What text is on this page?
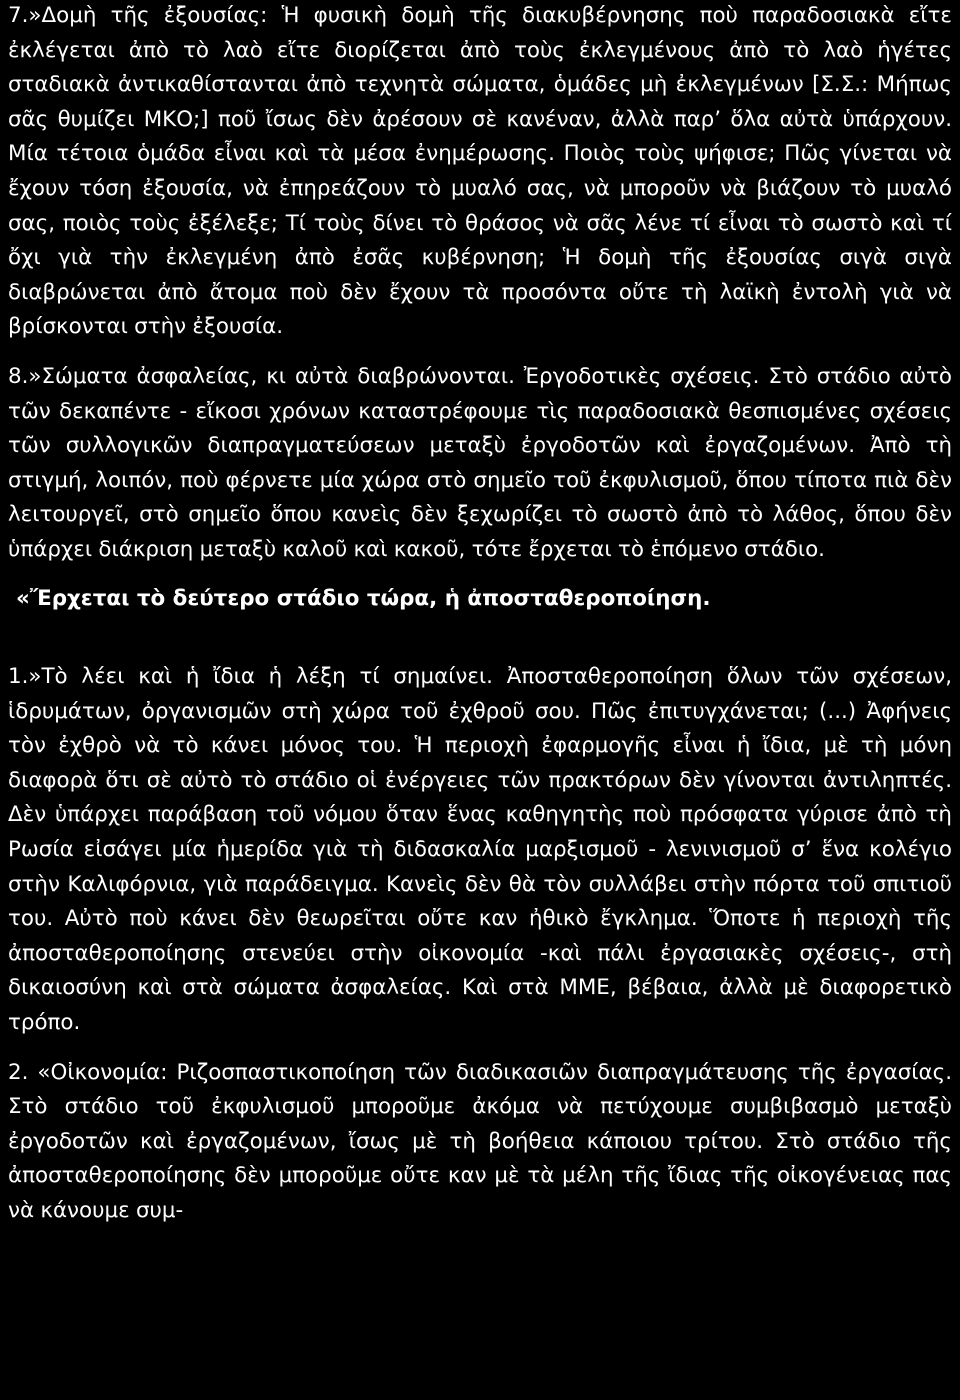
7.»Δομὴ τῆς ἐξουσίας: Ἡ φυσικὴ δομὴ τῆς διακυβέρνησης ποὺ παραδοσιακὰ εἴτε ἐκλέγεται ἀπὸ τὸ λαὸ εἴτε διορίζεται ἀπὸ τοὺς ἐκλεγμένους ἀπὸ τὸ λαὸ ἡγέτες σταδιακὰ ἀντικαθίστανται ἀπὸ τεχνητὰ σώματα, ὁμάδες μὴ ἐκλεγμένων [Σ.Σ.: Μήπως σᾶς θυμίζει ΜΚΟ;] ποῦ ἴσως δὲν ἀρέσουν σὲ κανέναν, ἀλλὰ παρ’ ὅλα αὐτὰ ὑπάρχουν. Μία τέτοια ὁμάδα εἶναι καὶ τὰ μέσα ἐνημέρωσης. Ποιὸς τοὺς ψήφισε; Πῶς γίνεται νὰ ἔχουν τόση ἐξουσία, νὰ ἐπηρεάζουν τὸ μυαλό σας, νὰ μποροῦν νὰ βιάζουν τὸ μυαλό σας, ποιὸς τοὺς ἐξέλεξε; Τί τοὺς δίνει τὸ θράσος νὰ σᾶς λένε τί εἶναι τὸ σωστὸ καὶ τί ὄχι γιὰ τὴν ἐκλεγμένη ἀπὸ ἐσᾶς κυβέρνηση; Ἡ δομὴ τῆς ἐξουσίας σιγὰ σιγὰ διαβρώνεται ἀπὸ ἄτομα ποὺ δὲν ἔχουν τὰ προσόντα οὔτε τὴ λαϊκὴ ἐντολὴ γιὰ νὰ βρίσκονται στὴν ἐξουσία.

8.»Σώματα ἀσφαλείας, κι αὐτὰ διαβρώνονται. Ἐργοδοτικὲς σχέσεις. Στὸ στάδιο αὐτὸ τῶν δεκαπέντε - εἴκοσι χρόνων καταστρέφουμε τὶς παραδοσιακὰ θεσπισμένες σχέσεις τῶν συλλογικῶν διαπραγματεύσεων μεταξὺ ἐργοδοτῶν καὶ ἐργαζομένων. Ἀπὸ τὴ στιγμή, λοιπόν, ποὺ φέρνετε μία χώρα στὸ σημεῖο τοῦ ἐκφυλισμοῦ, ὅπου τίποτα πιὰ δὲν λειτουργεῖ, στὸ σημεῖο ὅπου κανεὶς δὲν ξεχωρίζει τὸ σωστὸ ἀπὸ τὸ λάθος, ὅπου δὲν ὑπάρχει διάκριση μεταξὺ καλοῦ καὶ κακοῦ, τότε ἔρχεται τὸ ἑπόμενο στάδιο.

«Ἔρχεται τὸ δεύτερο στάδιο τώρα, ἡ ἀποσταθεροποίηση.

1.»Τὸ λέει καὶ ἡ ἴδια ἡ λέξη τί σημαίνει. Ἀποσταθεροποίηση ὅλων τῶν σχέσεων, ἱδρυμάτων, ὀργανισμῶν στὴ χώρα τοῦ ἐχθροῦ σου. Πῶς ἐπιτυγχάνεται; (...) Ἀφήνεις τὸν ἐχθρὸ νὰ τὸ κάνει μόνος του. Ἡ περιοχὴ ἐφαρμογῆς εἶναι ἡ ἴδια, μὲ τὴ μόνη διαφορὰ ὅτι σὲ αὐτὸ τὸ στάδιο οἱ ἐνέργειες τῶν πρακτόρων δὲν γίνονται ἀντιληπτές. Δὲν ὑπάρχει παράβαση τοῦ νόμου ὅταν ἕνας καθηγητὴς ποὺ πρόσφατα γύρισε ἀπὸ τὴ Ρωσία εἰσάγει μία ἡμερίδα γιὰ τὴ διδασκαλία μαρξισμοῦ - λενινισμοῦ σ’ ἕνα κολέγιο στὴν Καλιφόρνια, γιὰ παράδειγμα. Κανεὶς δὲν θὰ τὸν συλλάβει στὴν πόρτα τοῦ σπιτιοῦ του. Αὐτὸ ποὺ κάνει δὲν θεωρεῖται οὔτε καν ἠθικὸ ἔγκλημα. Ὅποτε ἡ περιοχὴ τῆς ἀποσταθεροποίησης στενεύει στὴν οἰκονομία -καὶ πάλι ἐργασιακὲς σχέσεις-, στὴ δικαιοσύνη καὶ στὰ σώματα ἀσφαλείας. Καὶ στὰ ΜΜΕ, βέβαια, ἀλλὰ μὲ διαφορετικὸ τρόπο.

2. «Οἰκονομία: Ριζοσπαστικοποίηση τῶν διαδικασιῶν διαπραγμάτευσης τῆς ἐργασίας. Στὸ στάδιο τοῦ ἐκφυλισμοῦ μποροῦμε ἀκόμα νὰ πετύχουμε συμβιβασμὸ μεταξὺ ἐργοδοτῶν καὶ ἐργαζομένων, ἴσως μὲ τὴ βοήθεια κάποιου τρίτου. Στὸ στάδιο τῆς ἀποσταθεροποίησης δὲν μποροῦμε οὔτε καν μὲ τὰ μέλη τῆς ἴδιας τῆς οἰκογένειας πας νὰ κάνουμε συμ-
